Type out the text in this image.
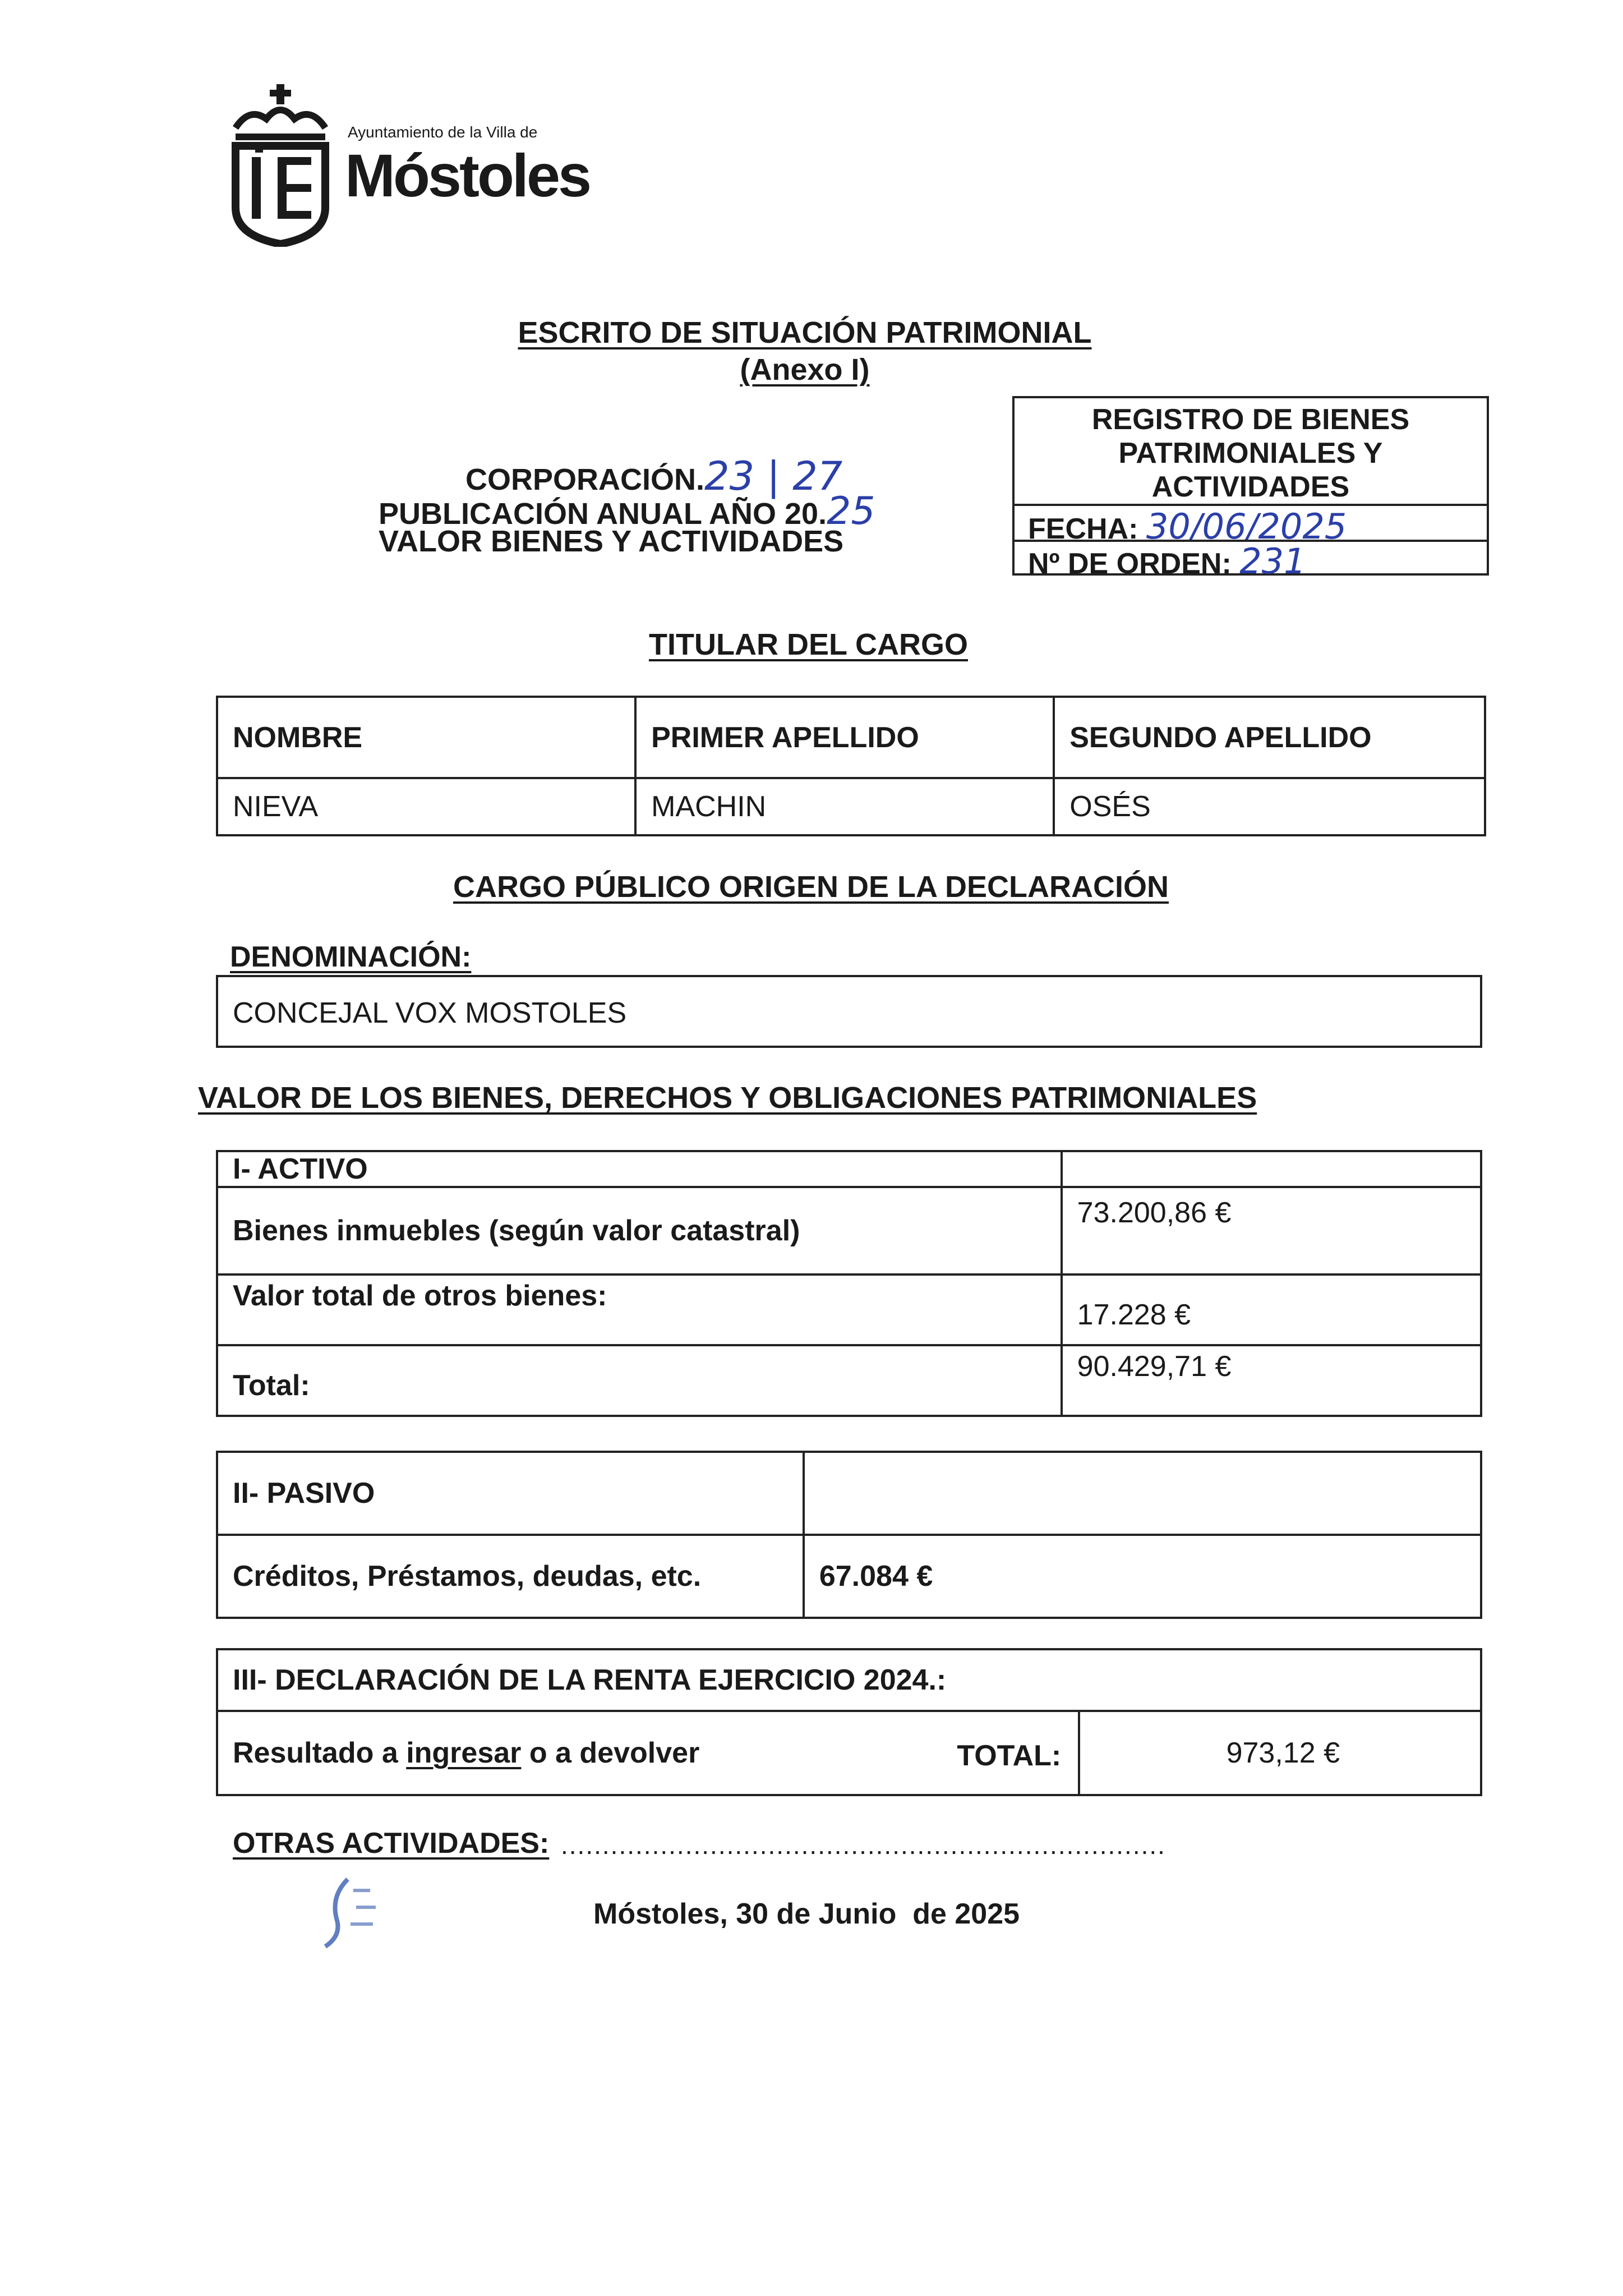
Ayuntamiento de la Villa de
Móstoles
ESCRITO DE SITUACIÓN PATRIMONIAL
(Anexo I)
CORPORACIÓN.23 | 27
PUBLICACIÓN ANUAL AÑO 20.25
VALOR BIENES Y ACTIVIDADES
REGISTRO DE BIENES PATRIMONIALES Y ACTIVIDADES
FECHA: 30/06/2025
Nº DE ORDEN: 231
TITULAR DEL CARGO
NOMBRE	PRIMER APELLIDO	SEGUNDO APELLIDO
NIEVA	MACHIN	OSÉS
CARGO PÚBLICO ORIGEN DE LA DECLARACIÓN
DENOMINACIÓN:
CONCEJAL VOX MOSTOLES
VALOR DE LOS BIENES, DERECHOS Y OBLIGACIONES PATRIMONIALES
I- ACTIVO	
Bienes inmuebles (según valor catastral)	73.200,86 €
Valor total de otros bienes:	17.228 €
Total:	90.429,71 €
II- PASIVO	
Créditos, Préstamos, deudas, etc.	67.084 €
III- DECLARACIÓN DE LA RENTA EJERCICIO 2024.:
Resultado a ingresar o a devolver	TOTAL:	973,12 €
OTRAS ACTIVIDADES: .........................................................................
Móstoles, 30 de Junio  de 2025
